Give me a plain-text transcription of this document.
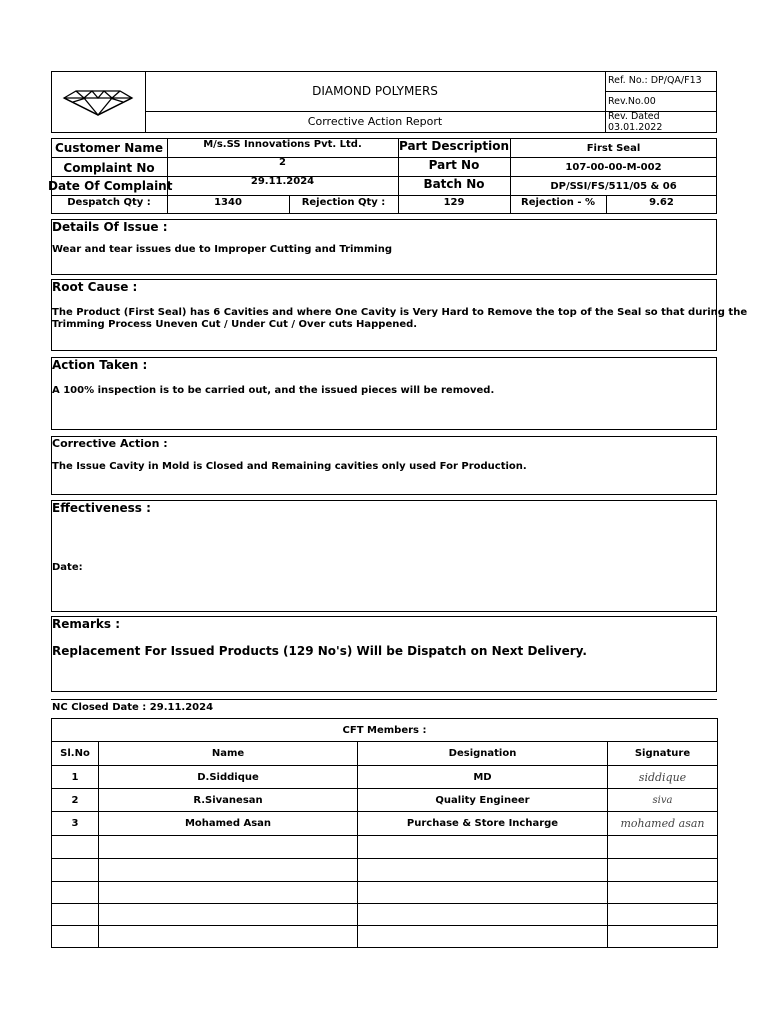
DIAMOND POLYMERS
Corrective Action Report
Ref. No.: DP/QA/F13
Rev.No.00
Rev. Dated
03.01.2022
Customer Name	M/s.SS Innovations Pvt. Ltd.	Part Description	First Seal
Complaint No	2	Part No	107-00-00-M-002
Date Of Complaint	29.11.2024	Batch No	DP/SSI/FS/511/05 & 06
Despatch Qty :	1340	Rejection Qty :	129	Rejection - %	9.62
Details Of Issue :
Wear and tear issues due to Improper Cutting and Trimming
Root Cause :
The Product (First Seal) has 6 Cavities and where One Cavity is Very Hard to Remove the top of the Seal so that during the
Trimming Process Uneven Cut / Under Cut / Over cuts Happened.
Action Taken :
A 100% inspection is to be carried out, and the issued pieces will be removed.
Corrective Action :
The Issue Cavity in Mold is Closed and Remaining cavities only used For Production.
Effectiveness :
Date:
Remarks :
Replacement For Issued Products (129 No's) Will be Dispatch on Next Delivery.
NC Closed Date : 29.11.2024
CFT Members :			
Sl.No	Name	Designation	Signature
1	D.Siddique	MD	siddique
2	R.Sivanesan	Quality Engineer	siva
3	Mohamed Asan	Purchase & Store Incharge	mohamed asan
